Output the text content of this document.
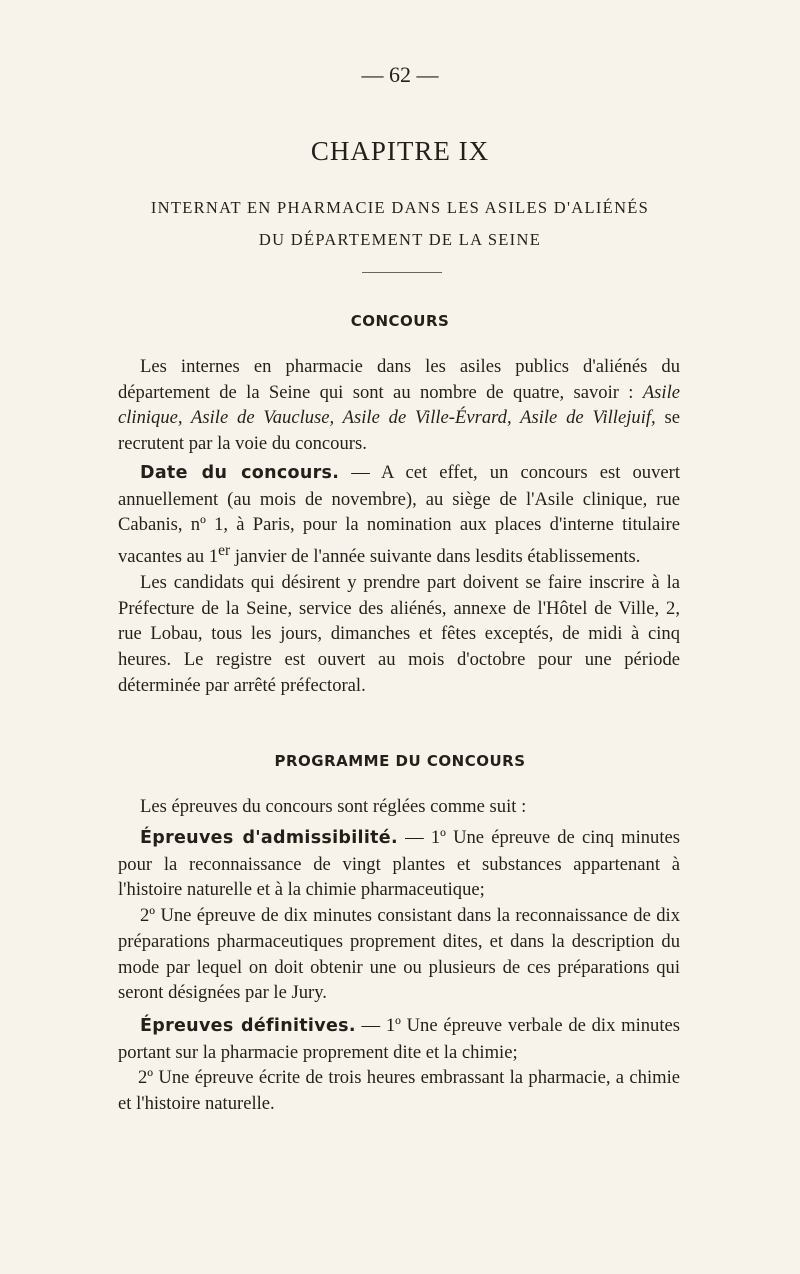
— 62 —
CHAPITRE IX
INTERNAT EN PHARMACIE DANS LES ASILES D'ALIÉNÉS
DU DÉPARTEMENT DE LA SEINE
CONCOURS

Les internes en pharmacie dans les asiles publics d'aliénés du département de la Seine qui sont au nombre de quatre, savoir : Asile clinique, Asile de Vaucluse, Asile de Ville-Évrard, Asile de Villejuif, se recrutent par la voie du concours.

Date du concours. — A cet effet, un concours est ouvert annuellement (au mois de novembre), au siège de l'Asile clinique, rue Cabanis, nº 1, à Paris, pour la nomination aux places d'interne titulaire vacantes au 1er janvier de l'année suivante dans lesdits établissements.

Les candidats qui désirent y prendre part doivent se faire inscrire à la Préfecture de la Seine, service des aliénés, annexe de l'Hôtel de Ville, 2, rue Lobau, tous les jours, dimanches et fêtes exceptés, de midi à cinq heures. Le registre est ouvert au mois d'octobre pour une période déterminée par arrêté préfectoral.

PROGRAMME DU CONCOURS

Les épreuves du concours sont réglées comme suit :

Épreuves d'admissibilité. — 1º Une épreuve de cinq minutes pour la reconnaissance de vingt plantes et substances appartenant à l'histoire naturelle et à la chimie pharmaceutique;

2º Une épreuve de dix minutes consistant dans la reconnaissance de dix préparations pharmaceutiques proprement dites, et dans la description du mode par lequel on doit obtenir une ou plusieurs de ces préparations qui seront désignées par le Jury.

Épreuves définitives. — 1º Une épreuve verbale de dix minutes portant sur la pharmacie proprement dite et la chimie;

2º Une épreuve écrite de trois heures embrassant la pharmacie, a chimie et l'histoire naturelle.
